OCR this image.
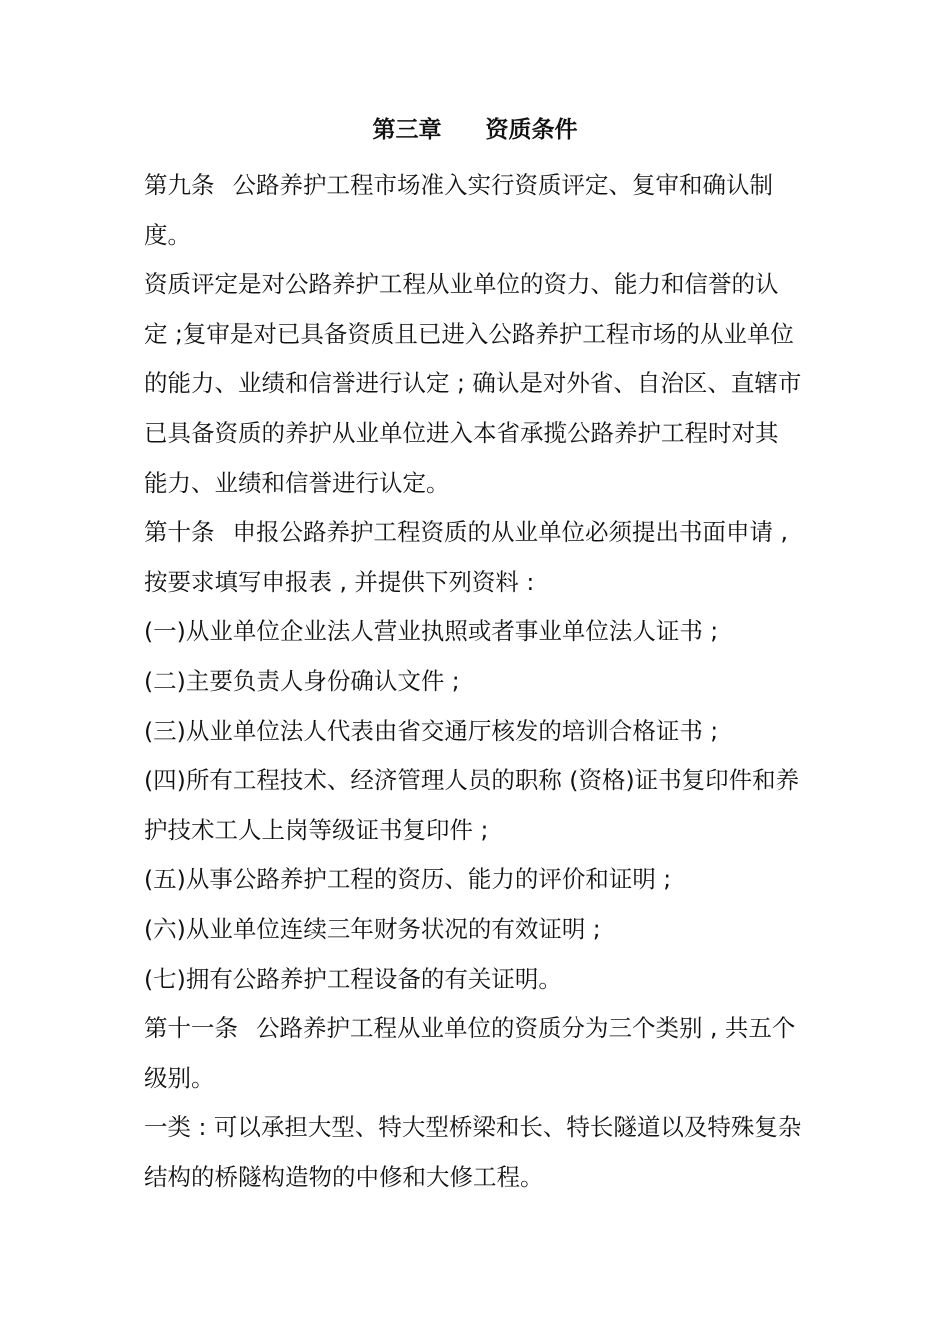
第三章 资质条件
第九条 公路养护工程市场准入实行资质评定、复审和确认制
度。
资质评定是对公路养护工程从业单位的资力、能力和信誉的认
定 ;复审是对已具备资质且已进入公路养护工程市场的从业单位
的能力、业绩和信誉进行认定 ; 确认是对外省、自治区、直辖市
已具备资质的养护从业单位进入本省承揽公路养护工程时对其
能力、业绩和信誉进行认定。
第十条 申报公路养护工程资质的从业单位必须提出书面申请 ,
按要求填写申报表 , 并提供下列资料 :
(一)从业单位企业法人营业执照或者事业单位法人证书 ;
(二)主要负责人身份确认文件 ;
(三)从业单位法人代表由省交通厅核发的培训合格证书 ;
(四)所有工程技术、经济管理人员的职称 (资格)证书复印件和养
护技术工人上岗等级证书复印件 ;
(五)从事公路养护工程的资历、能力的评价和证明 ;
(六)从业单位连续三年财务状况的有效证明 ;
(七)拥有公路养护工程设备的有关证明。
第十一条 公路养护工程从业单位的资质分为三个类别 , 共五个
级别。
一类 : 可以承担大型、特大型桥梁和长、特长隧道以及特殊复杂
结构的桥隧构造物的中修和大修工程。
